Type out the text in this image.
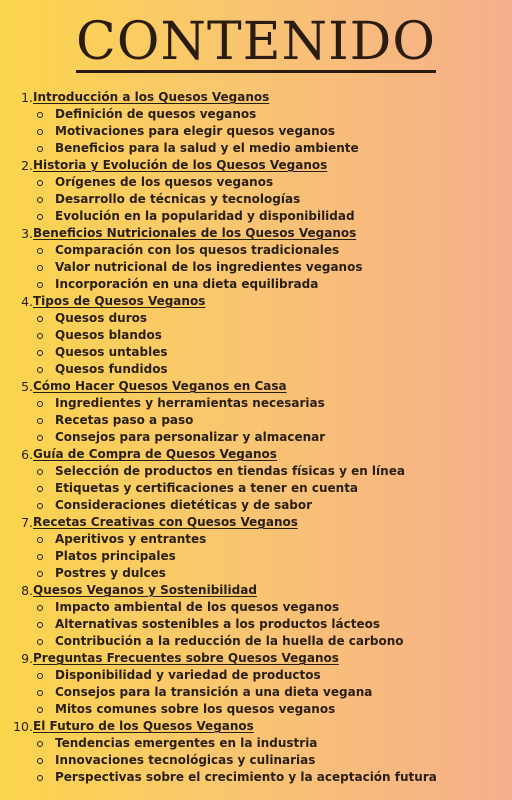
CONTENIDO
1. Introducción a los Quesos Veganos
Definición de quesos veganos
Motivaciones para elegir quesos veganos
Beneficios para la salud y el medio ambiente
2. Historia y Evolución de los Quesos Veganos
Orígenes de los quesos veganos
Desarrollo de técnicas y tecnologías
Evolución en la popularidad y disponibilidad
3. Beneficios Nutricionales de los Quesos Veganos
Comparación con los quesos tradicionales
Valor nutricional de los ingredientes veganos
Incorporación en una dieta equilibrada
4. Tipos de Quesos Veganos
Quesos duros
Quesos blandos
Quesos untables
Quesos fundidos
5. Cómo Hacer Quesos Veganos en Casa
Ingredientes y herramientas necesarias
Recetas paso a paso
Consejos para personalizar y almacenar
6. Guía de Compra de Quesos Veganos
Selección de productos en tiendas físicas y en línea
Etiquetas y certificaciones a tener en cuenta
Consideraciones dietéticas y de sabor
7. Recetas Creativas con Quesos Veganos
Aperitivos y entrantes
Platos principales
Postres y dulces
8. Quesos Veganos y Sostenibilidad
Impacto ambiental de los quesos veganos
Alternativas sostenibles a los productos lácteos
Contribución a la reducción de la huella de carbono
9. Preguntas Frecuentes sobre Quesos Veganos
Disponibilidad y variedad de productos
Consejos para la transición a una dieta vegana
Mitos comunes sobre los quesos veganos
10. El Futuro de los Quesos Veganos
Tendencias emergentes en la industria
Innovaciones tecnológicas y culinarias
Perspectivas sobre el crecimiento y la aceptación futura
